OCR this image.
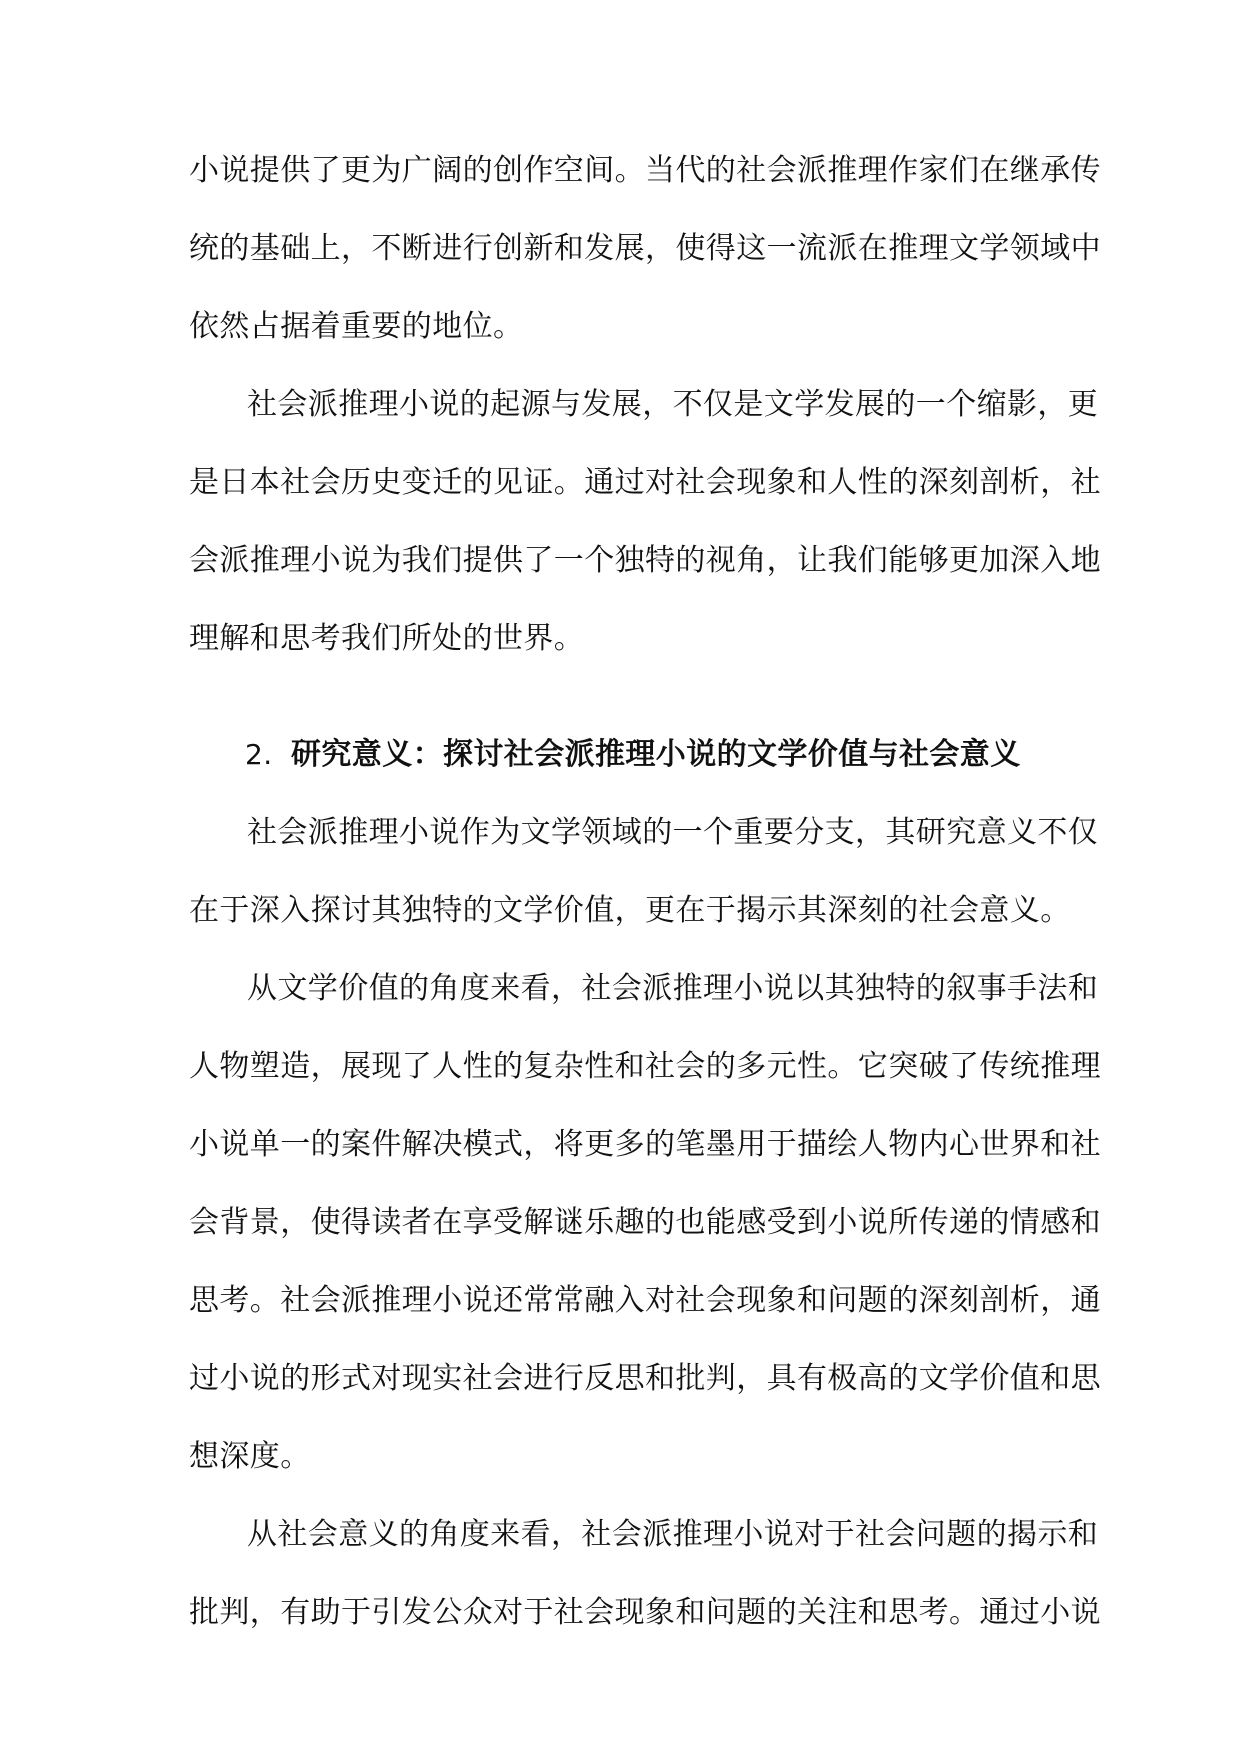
小说提供了更为广阔的创作空间。当代的社会派推理作家们在继承传
统的基础上，不断进行创新和发展，使得这一流派在推理文学领域中
依然占据着重要的地位。
社会派推理小说的起源与发展，不仅是文学发展的一个缩影，更
是日本社会历史变迁的见证。通过对社会现象和人性的深刻剖析，社
会派推理小说为我们提供了一个独特的视角，让我们能够更加深入地
理解和思考我们所处的世界。
2. 研究意义：探讨社会派推理小说的文学价值与社会意义
社会派推理小说作为文学领域的一个重要分支，其研究意义不仅
在于深入探讨其独特的文学价值，更在于揭示其深刻的社会意义。
从文学价值的角度来看，社会派推理小说以其独特的叙事手法和
人物塑造，展现了人性的复杂性和社会的多元性。它突破了传统推理
小说单一的案件解决模式，将更多的笔墨用于描绘人物内心世界和社
会背景，使得读者在享受解谜乐趣的也能感受到小说所传递的情感和
思考。社会派推理小说还常常融入对社会现象和问题的深刻剖析，通
过小说的形式对现实社会进行反思和批判，具有极高的文学价值和思
想深度。
从社会意义的角度来看，社会派推理小说对于社会问题的揭示和
批判，有助于引发公众对于社会现象和问题的关注和思考。通过小说
